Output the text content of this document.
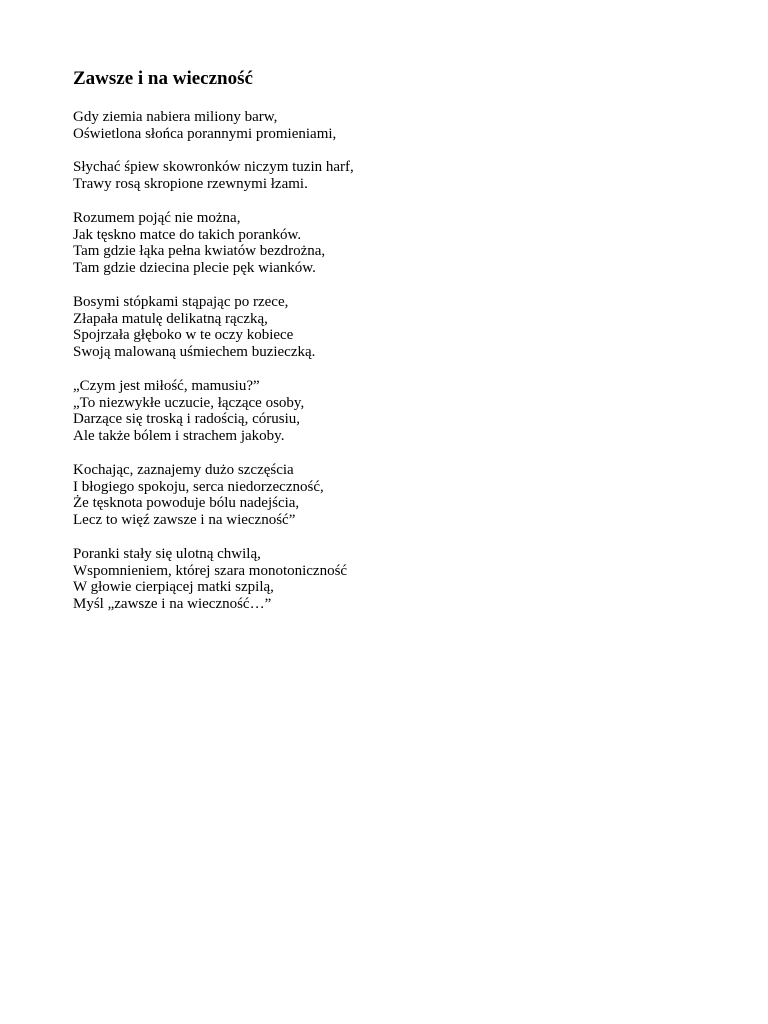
Zawsze i na wieczność
Gdy ziemia nabiera miliony barw,
Oświetlona słońca porannymi promieniami,
Słychać śpiew skowronków niczym tuzin harf,
Trawy rosą skropione rzewnymi łzami.
Rozumem pojąć nie można,
Jak tęskno matce do takich poranków.
Tam gdzie łąka pełna kwiatów bezdrożna,
Tam gdzie dziecina plecie pęk wianków.
Bosymi stópkami stąpając po rzece,
Złapała matulę delikatną rączką,
Spojrzała głęboko w te oczy kobiece
Swoją malowaną uśmiechem buzieczką.
„Czym jest miłość, mamusiu?”
„To niezwykłe uczucie, łączące osoby,
Darzące się troską i radością, córusiu,
Ale także bólem i strachem jakoby.
Kochając, zaznajemy dużo szczęścia
I błogiego spokoju, serca niedorzeczność,
Że tęsknota powoduje bólu nadejścia,
Lecz to więź zawsze i na wieczność”
Poranki stały się ulotną chwilą,
Wspomnieniem, której szara monotoniczność
W głowie cierpiącej matki szpilą,
Myśl „zawsze i na wieczność…”
